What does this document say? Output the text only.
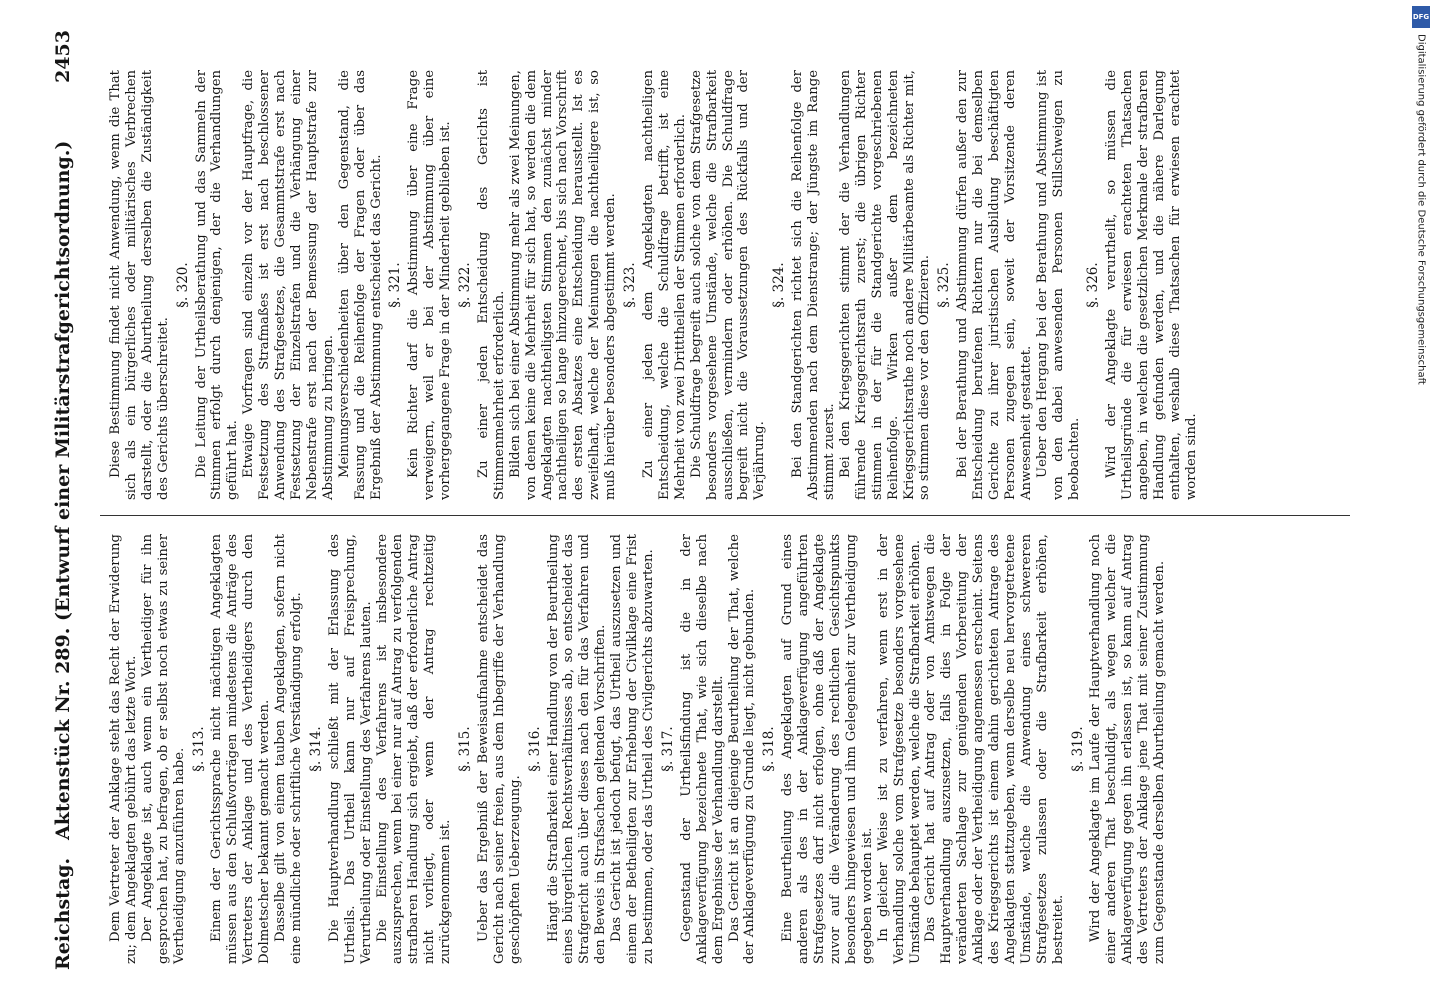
Reichstag.
Aktenstück Nr. 289. (Entwurf einer Militärstrafgerichtsordnung.)
2453

Dem Vertreter der Anklage steht das Recht der Erwiderung zu; dem Angeklagten gebührt das letzte Wort. Der Angeklagte ist, auch wenn ein Vertheidiger für ihn gesprochen hat, zu befragen, ob er selbst noch etwas zu seiner Vertheidigung anzuführen habe. §. 313. Einem der Gerichtssprache nicht mächtigen Angeklagten müssen aus den Schlußvorträgen mindestens die Anträge des Vertreters der Anklage und des Vertheidigers durch den Dolmetscher bekannt gemacht werden. Dasselbe gilt von einem tauben Angeklagten, sofern nicht eine mündliche oder schriftliche Verständigung erfolgt. §. 314. Die Hauptverhandlung schließt mit der Erlassung des Urtheils. Das Urtheil kann nur auf Freisprechung, Verurtheilung oder Einstellung des Verfahrens lauten. Die Einstellung des Verfahrens ist insbesondere auszusprechen, wenn bei einer nur auf Antrag zu verfolgenden strafbaren Handlung sich ergiebt, daß der erforderliche Antrag nicht vorliegt, oder wenn der Antrag rechtzeitig zurückgenommen ist.

§. 315. Ueber das Ergebniß der Beweisaufnahme entscheidet das Gericht nach seiner freien, aus dem Inbegriffe der Verhandlung geschöpften Ueberzeugung.

§. 316. Hängt die Strafbarkeit einer Handlung von der Beurtheilung eines bürgerlichen Rechtsverhältnisses ab, so entscheidet das Strafgericht auch über dieses nach den für das Verfahren und den Beweis in Strafsachen geltenden Vorschriften. Das Gericht ist jedoch befugt, das Urtheil auszusetzen und einem der Betheiligten zur Erhebung der Civilklage eine Frist zu bestimmen, oder das Urtheil des Civilgerichts abzuwarten. §. 317. Gegenstand der Urtheilsfindung ist die in der Anklageverfügung bezeichnete That, wie sich dieselbe nach dem Ergebnisse der Verhandlung darstellt. Das Gericht ist an diejenige Beurtheilung der That, welche der Anklageverfügung zu Grunde liegt, nicht gebunden. §. 318. Eine Beurtheilung des Angeklagten auf Grund eines anderen als des in der Anklageverfügung angeführten Strafgesetzes darf nicht erfolgen, ohne daß der Angeklagte zuvor auf die Veränderung des rechtlichen Gesichtspunkts besonders hingewiesen und ihm Gelegenheit zur Vertheidigung gegeben worden ist. In gleicher Weise ist zu verfahren, wenn erst in der Verhandlung solche vom Strafgesetze besonders vorgesehene Umstände behauptet werden, welche die Strafbarkeit erhöhen. Das Gericht hat auf Antrag oder von Amtswegen die Hauptverhandlung auszusetzen, falls dies in Folge der veränderten Sachlage zur genügenden Vorbereitung der Anklage oder der Vertheidigung angemessen erscheint. Seitens des Kriegsgerichts ist einem dahin gerichteten Antrage des Angeklagten stattzugeben, wenn derselbe neu hervorgetretene Umstände, welche die Anwendung eines schwereren Strafgesetzes zulassen oder die Strafbarkeit erhöhen, bestreitet.

§. 319. Wird der Angeklagte im Laufe der Hauptverhandlung noch einer anderen That beschuldigt, als wegen welcher die Anklageverfügung gegen ihn erlassen ist, so kann auf Antrag des Vertreters der Anklage jene That mit seiner Zustimmung zum Gegenstande derselben Aburtheilung gemacht werden.

Diese Bestimmung findet nicht Anwendung, wenn die That sich als ein bürgerliches oder militärisches Verbrechen darstellt, oder die Aburtheilung derselben die Zuständigkeit des Gerichts überschreitet.

§. 320. Die Leitung der Urtheilsberathung und das Sammeln der Stimmen erfolgt durch denjenigen, der die Verhandlungen geführt hat. Etwaige Vorfragen sind einzeln vor der Hauptfrage, die Festsetzung des Strafmaßes ist erst nach beschlossener Anwendung des Strafgesetzes, die Gesammtstrafe erst nach Festsetzung der Einzelstrafen und die Verhängung einer Nebenstrafe erst nach der Bemessung der Hauptstrafe zur Abstimmung zu bringen. Meinungsverschiedenheiten über den Gegenstand, die Fassung und die Reihenfolge der Fragen oder über das Ergebniß der Abstimmung entscheidet das Gericht. §. 321. Kein Richter darf die Abstimmung über eine Frage verweigern, weil er bei der Abstimmung über eine vorhergegangene Frage in der Minderheit geblieben ist. §. 322. Zu einer jeden Entscheidung des Gerichts ist Stimmenmehrheit erforderlich. Bilden sich bei einer Abstimmung mehr als zwei Meinungen, von denen keine die Mehrheit für sich hat, so werden die dem Angeklagten nachtheiligsten Stimmen den zunächst minder nachtheiligen so lange hinzugerechnet, bis sich nach Vorschrift des ersten Absatzes eine Entscheidung herausstellt. Ist es zweifelhaft, welche der Meinungen die nachtheiligere ist, so muß hierüber besonders abgestimmt werden. §. 323. Zu einer jeden dem Angeklagten nachtheiligen Entscheidung, welche die Schuldfrage betrifft, ist eine Mehrheit von zwei Dritttheilen der Stimmen erforderlich. Die Schuldfrage begreift auch solche von dem Strafgesetze besonders vorgesehene Umstände, welche die Strafbarkeit ausschließen, vermindern oder erhöhen. Die Schuldfrage begreift nicht die Voraussetzungen des Rückfalls und der Verjährung.

§. 324. Bei den Standgerichten richtet sich die Reihenfolge der Abstimmenden nach dem Dienstrange; der Jüngste im Range stimmt zuerst. Bei den Kriegsgerichten stimmt der die Verhandlungen führende Kriegsgerichtsrath zuerst; die übrigen Richter stimmen in der für die Standgerichte vorgeschriebenen Reihenfolge. Wirken außer dem bezeichneten Kriegsgerichtsrathe noch andere Militärbeamte als Richter mit, so stimmen diese vor den Offizieren. §. 325. Bei der Berathung und Abstimmung dürfen außer den zur Entscheidung berufenen Richtern nur die bei demselben Gerichte zu ihrer juristischen Ausbildung beschäftigten Personen zugegen sein, soweit der Vorsitzende deren Anwesenheit gestattet. Ueber den Hergang bei der Berathung und Abstimmung ist von den dabei anwesenden Personen Stillschweigen zu beobachten.

§. 326. Wird der Angeklagte verurtheilt, so müssen die Urtheilsgründe die für erwiesen erachteten Thatsachen angeben, in welchen die gesetzlichen Merkmale der strafbaren Handlung gefunden werden, und die nähere Darlegung enthalten, weshalb diese Thatsachen für erwiesen erachtet worden sind.

DFG
Digitalisierung gefördert durch die Deutsche Forschungsgemeinschaft
